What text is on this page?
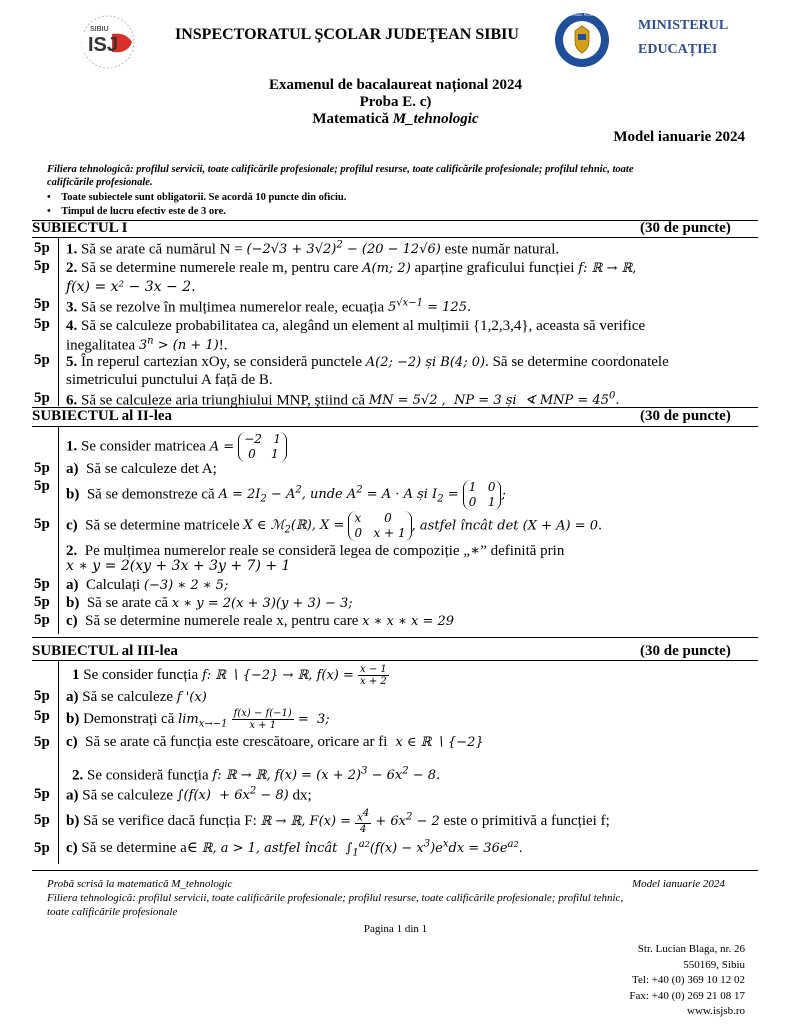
ISJ
SIBIU	INSPECTORATUL ŞCOLAR JUDEŢEAN SIBIU
GUVERNUL ROMÂNIEI
MINISTERUL
EDUCAȚIEI
Examenul de bacalaureat național 2024
Proba E. c)
Matematică M_tehnologic
Model ianuarie 2024
Filiera tehnologică: profilul servicii, toate calificările profesionale; profilul resurse, toate calificările profesionale; profilul tehnic, toate
calificările profesionale.
•    Toate subiectele sunt obligatorii. Se acordă 10 puncte din oficiu.
•    Timpul de lucru efectiv este de 3 ore.
SUBIECTUL I	(30 de puncte)
5p 1. Să se arate că numărul $N = (-2√3 + 3√2)^2 - (20 - 12√6)$ este număr natural.
5p 2. Să se determine numerele reale m, pentru care A(m; 2) aparține graficului funcției f: ℝ → ℝ,
f(x) = x² − 3x − 2.
5p 3. Să se rezolve în mulțimea numerelor reale, ecuația $5^{√x-1} = 125$.
5p 4. Să se calculeze probabilitatea ca, alegând un element al mulțimii {1,2,3,4}, aceasta să verifice
inegalitatea $3^n > (n + 1)$!.
5p 5. În reperul cartezian xOy, se consideră punctele A(2; −2) și B(4; 0). Să se determine coordonatele
simetricului punctului A față de B.
5p 6. Să se calculeze aria triunghiului MNP, știind că MN = 5√2 ,  NP = 3 și  ∢ MNP = $45^0$.
SUBIECTUL al II-lea	(30 de puncte)
1. Se consider matricea A = −2   1
0    1
5p a) Să se calculeze det A;
5p
b) Să se demonstreze că $A = 2I_2 - A^2$, unde $A^2 = A \cdot A$ și $I_2 = 1$   0
0   1 ;
5p c) Să se determine matricele X ∈ ℳ$_2$(ℝ), X = x      0
0   x + 1 , astfel încât det (X + A) = 0.
2. Pe mulțimea numerelor reale se consideră legea de compoziție „∗” definită prin
x ∗ y = 2(xy + 3x + 3y + 7) + 1
5p a) Calculați (−3) ∗ 2 ∗ 5;
5p b) Să se arate că x ∗ y = 2(x + 3)(y + 3) − 3;
5p c) Să se determine numerele reale x, pentru care x ∗ x ∗ x = 29
SUBIECTUL al III-lea	(30 de puncte)
1 Se consider funcția f: ℝ ∖ {−2} → ℝ, $f(x) = \frac{x - 1}{x + 2}$
5p a) Să se calculeze f '(x)
5p b) Demonstrați că $\lim_{x\to-1} \frac{f(x) - f(-1)}{x + 1} = 3$;
5p c) Să se arate că funcția este crescătoare, oricare ar fi  x ∈ ℝ ∖ {−2}
2. Se consideră funcția f: ℝ → ℝ, $f(x) = (x + 2)^3 - 6x^2 - 8$.
5p a) Să se calculeze $\int(f(x) + 6x^2 - 8)$ dx;
5p b) Să se verifice dacă funcția F: ℝ → ℝ, $F(x) = \frac{x4}{4} + 6x^2 - 2$ este o primitivă a funcției f;
5p c) Să se determine a∈ ℝ, a > 1, astfel încât  $\int_1^{a2}(f(x) - x^3)e^xdx = 36e^{a2}$.
Probă scrisă la matematică M_tehnologic	Model ianuarie 2024
Filiera tehnologică: profilul servicii, toate calificările profesionale; profilul resurse, toate calificările profesionale; profilul tehnic,
toate calificările profesionale
Pagina 1 din 1
Str. Lucian Blaga, nr. 26
550169, Sibiu
Tel: +40 (0) 369 10 12 02
Fax: +40 (0) 269 21 08 17
www.isjsb.ro
